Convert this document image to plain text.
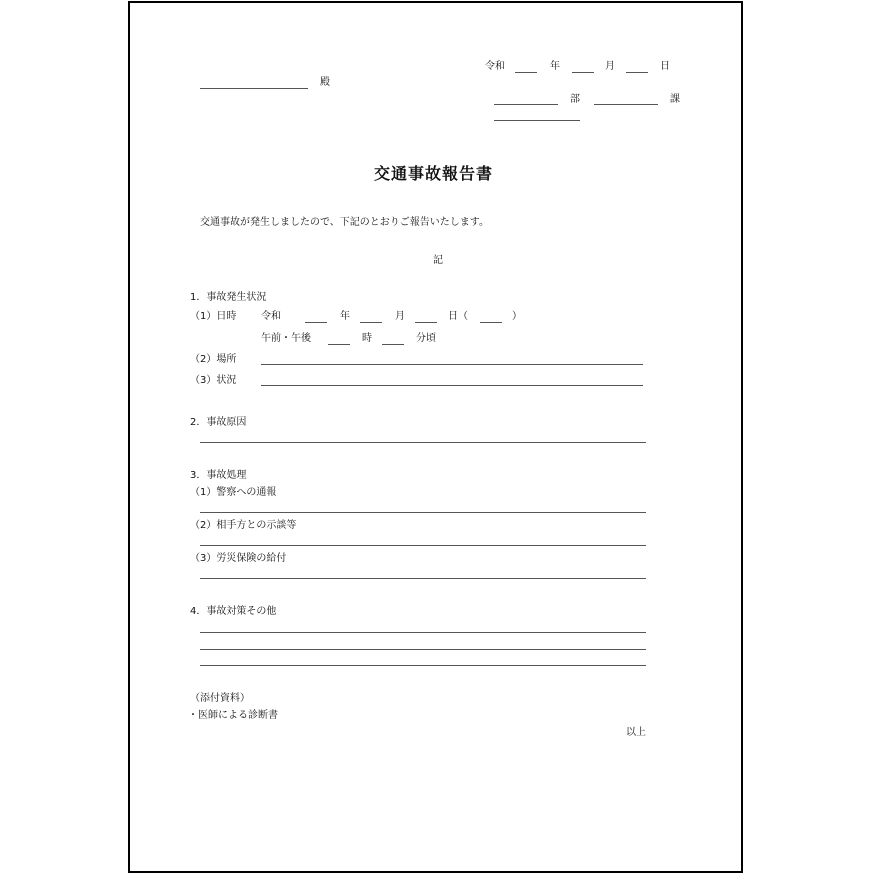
令和	年	月	日
殿
部	課
交通事故報告書
交通事故が発生しましたので、下記のとおりご報告いたします。
記
1．事故発生状況
（1）日時 令和	年	月	日（	）
午前・午後	時	分頃
（2）場所
（3）状況
2．事故原因
3．事故処理
（1）警察への通報
（2）相手方との示談等
（3）労災保険の給付
4．事故対策その他
（添付資料）
・医師による診断書
以上
